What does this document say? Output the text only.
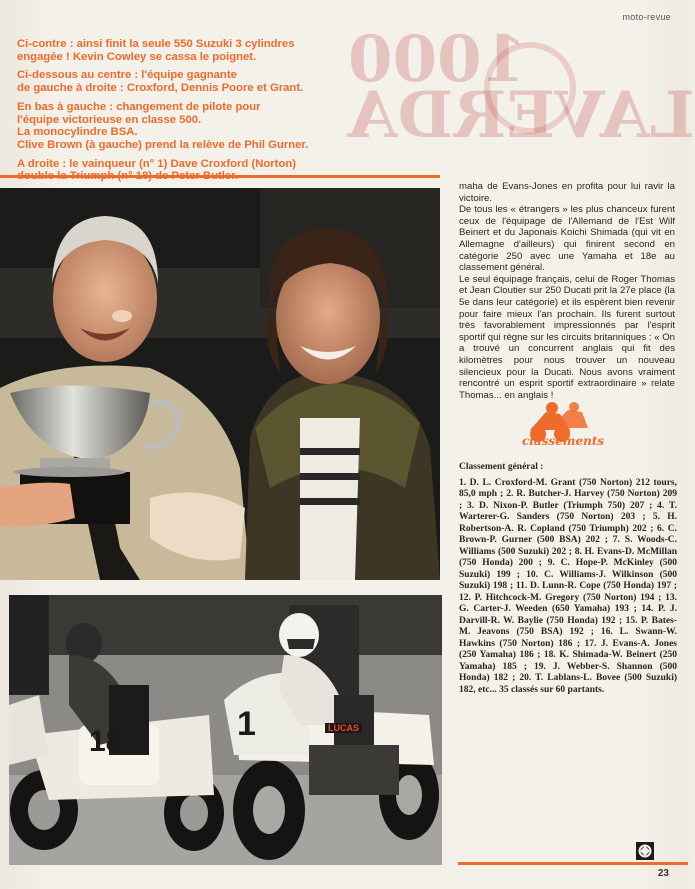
moto-revue
1000
LAVERDA

Ci-contre : ainsi finit la seule 550 Suzuki 3 cylindres
engagée ! Kevin Cowley se cassa le poignet.

Ci-dessous au centre : l'équipe gagnante
de gauche à droite : Croxford, Dennis Poore et Grant.

En bas à gauche : changement de pilote pour
l'équipe victorieuse en classe 500.
La monocylindre BSA.
Clive Brown (à gauche) prend la relève de Phil Gurner.

A droite : le vainqueur (n° 1) Dave Croxford (Norton)

18	1	LUCAS

maha de Evans-Jones en profita pour lui ravir la victoire.

De tous les « étrangers » les plus chanceux furent ceux de l'équipage de l'Allemand de l'Est Wilf Beinert et du Japonais Koichi Shimada (qui vit en Allemagne d'ailleurs) qui finirent second en catégorie 250 avec une Yamaha et 18e au classement général.

Le seul équipage français, celui de Roger Thomas et Jean Cloutier sur 250 Ducati prit la 27e place (la 5e dans leur catégorie) et ils espèrent bien revenir pour faire mieux l'an prochain. Ils furent surtout très favorablement impressionnés par l'esprit sportif qui règne sur les circuits britanniques : « On a trouvé un concurrent anglais qui fit des kilomètres pour nous trouver un nouveau silencieux pour la Ducati. Nous avons vraiment rencontré un esprit sportif extraordinaire » relate Thomas... en anglais !

classements
Classement général :
1. D. L. Croxford-M. Grant (750 Norton) 212 tours, 85,0 mph ; 2. R. Butcher-J. Harvey (750 Norton) 209 ; 3. D. Nixon-P. Butler (Triumph 750) 207 ; 4. T. Warterer-G. Sanders (750 Norton) 203 ; 5. H. Robertson-A. R. Copland (750 Triumph) 202 ; 6. C. Brown-P. Gurner (500 BSA) 202 ; 7. S. Woods-C. Williams (500 Suzuki) 202 ; 8. H. Evans-D. McMillan (750 Honda) 200 ; 9. C. Hope-P. McKinley (500 Suzuki) 199 ; 10. C. Williams-J. Wilkinson (500 Suzuki) 198 ; 11. D. Lunn-R. Cope (750 Honda) 197 ; 12. P. Hitchcock-M. Gregory (750 Norton) 194 ; 13. G. Carter-J. Weeden (650 Yamaha) 193 ; 14. P. J. Darvill-R. W. Baylie (750 Honda) 192 ; 15. P. Bates-M. Jeavons (750 BSA) 192 ; 16. L. Swann-W. Hawkins (750 Norton) 186 ; 17. J. Evans-A. Jones (250 Yamaha) 186 ; 18. K. Shimada-W. Beinert (250 Yamaha) 185 ; 19. J. Webber-S. Shannon (500 Honda) 182 ; 20. T. Lablans-L. Bovee (500 Suzuki) 182, etc... 35 classés sur 60 partants.
23
